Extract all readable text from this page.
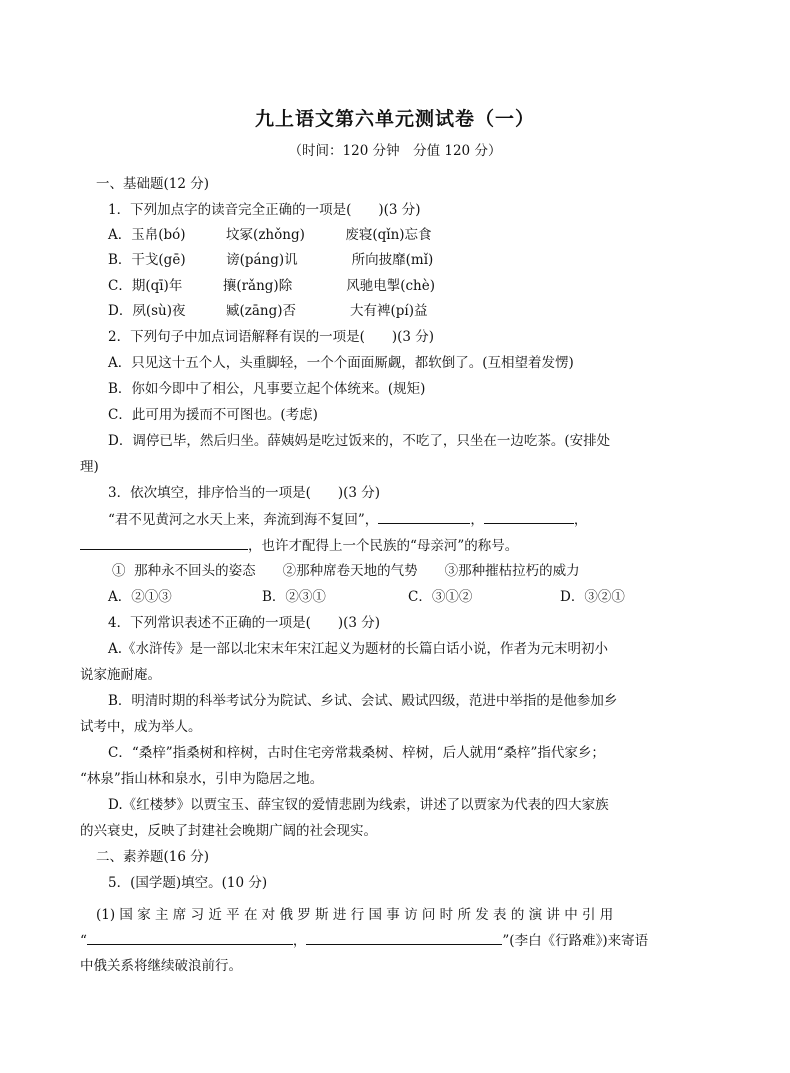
九上语文第六单元测试卷（一）
（时间：120 分钟　分值 120 分）
一、基础题(12 分)
1．下列加点字的读音完全正确的一项是(　　)(3 分)
A．玉帛(bó)　　　坟冢(zhǒng)　　　废寝(qǐn)忘食
B．干戈(gē)　　　谤(páng)讥　　　　所向披靡(mǐ)
C．期(qī)年　　　攘(rǎng)除　　　　风驰电掣(chè)
D．夙(sù)夜　　　臧(zāng)否　　　　大有裨(pí)益
2．下列句子中加点词语解释有误的一项是(　　)(3 分)
A．只见这十五个人，头重脚轻，一个个面面厮觑，都软倒了。(互相望着发愣)
B．你如今即中了相公，凡事要立起个体统来。(规矩)
C．此可用为援而不可图也。(考虑)
D．调停已毕，然后归坐。薛姨妈是吃过饭来的，不吃了，只坐在一边吃茶。(安排处
理)
3．依次填空，排序恰当的一项是(　　)(3 分)
“君不见黄河之水天上来，奔流到海不复回”，	，	，
，也许才配得上一个民族的“母亲河”的称号。
①  那种永不回头的姿态　　②那种席卷天地的气势　　③那种摧枯拉朽的威力
A．②①③	B．②③①	C．③①②	D．③②①
4．下列常识表述不正确的一项是(　　)(3 分)
A.《水浒传》是一部以北宋末年宋江起义为题材的长篇白话小说，作者为元末明初小
说家施耐庵。
B．明清时期的科举考试分为院试、乡试、会试、殿试四级，范进中举指的是他参加乡
试考中，成为举人。
C．“桑梓”指桑树和梓树，古时住宅旁常栽桑树、梓树，后人就用“桑梓”指代家乡；
“林泉”指山林和泉水，引申为隐居之地。
D.《红楼梦》以贾宝玉、薛宝钗的爱情悲剧为线索，讲述了以贾家为代表的四大家族
的兴衰史，反映了封建社会晚期广阔的社会现实。
二、素养题(16 分)
5．(国学题)填空。(10 分)
(1) 国 家 主 席 习 近 平 在 对 俄 罗 斯 进 行 国 事 访 问 时 所 发 表 的 演 讲 中 引 用
“	，	”(李白《行路难》)来寄语
中俄关系将继续破浪前行。
